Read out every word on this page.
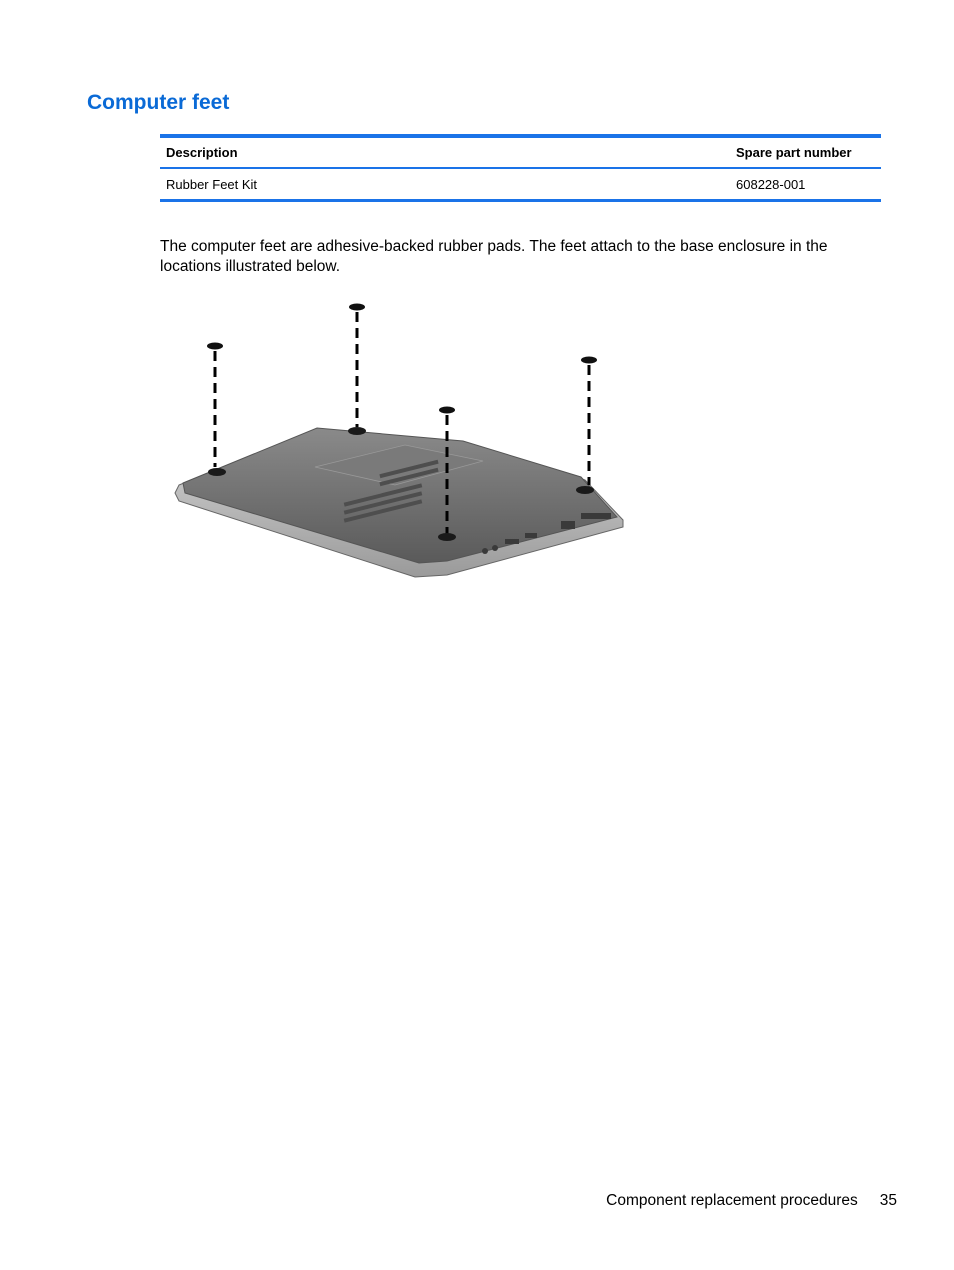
Computer feet
Description	Spare part number
Rubber Feet Kit	608228-001

The computer feet are adhesive-backed rubber pads. The feet attach to the base enclosure in the locations illustrated below.

Component replacement procedures 35
